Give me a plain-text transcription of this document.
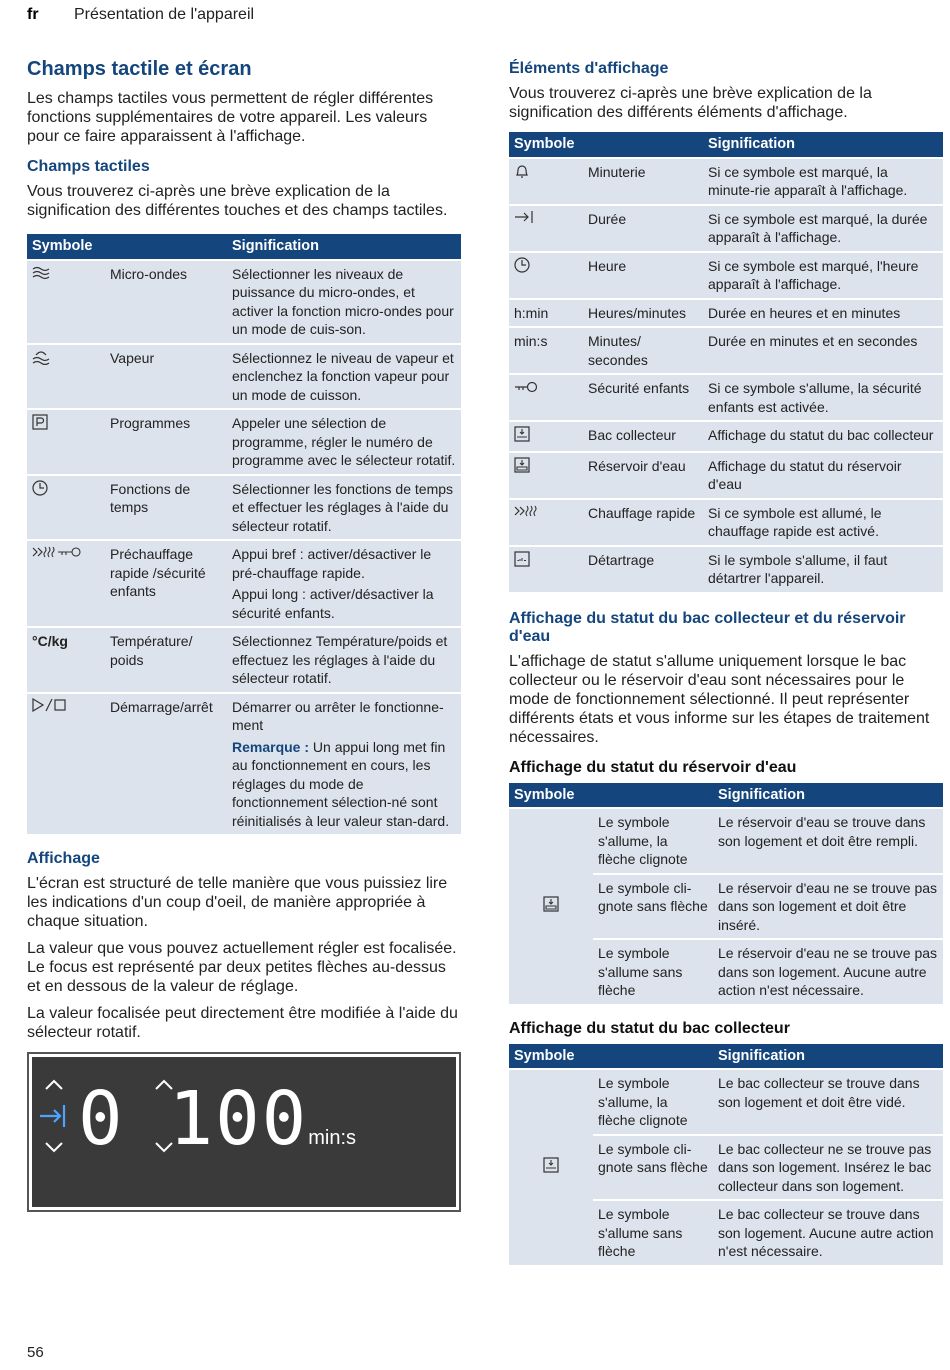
fr Présentation de l'appareil
Champs tactile et écran

Les champs tactiles vous permettent de régler différentes fonctions supplémentaires de votre appareil. Les valeurs pour ce faire apparaissent à l'affichage.

Champs tactiles

Vous trouverez ci-après une brève explication de la signification des différentes touches et des champs tactiles.

Symbole		Signification
	Micro-ondes	Sélectionner les niveaux de puissance du micro-ondes, et activer la fonction micro-ondes pour un mode de cuis-son.
	Vapeur	Sélectionnez le niveau de vapeur et enclenchez la fonction vapeur pour un mode de cuisson.
	Programmes	Appeler une sélection de programme, régler le numéro de programme avec le sélecteur rotatif.
	Fonctions de temps	Sélectionner les fonctions de temps et effectuer les réglages à l'aide du sélecteur rotatif.
	Préchauffage rapide /sécurité enfants	Appui bref : activer/désactiver le pré-chauffage rapide.
Appui long : activer/désactiver la sécurité enfants.

°C/kg	Température/ poids	Sélectionnez Température/poids et effectuez les réglages à l'aide du sélecteur rotatif.
	Démarrage/arrêt	Démarrer ou arrêter le fonctionne-ment
Remarque : Un appui long met fin au fonctionnement en cours, les réglages du mode de fonctionnement sélection-né sont réinitialisés à leur valeur stan-dard.
Affichage

L'écran est structuré de telle manière que vous puissiez lire les indications d'un coup d'oeil, de manière appropriée à chaque situation.

La valeur que vous pouvez actuellement régler est focalisée. Le focus est représenté par deux petites flèches au-dessus et en dessous de la valeur de réglage.

La valeur focalisée peut directement être modifiée à l'aide du sélecteur rotatif.

0 100min:s
Éléments d'affichage

Vous trouverez ci-après une brève explication de la signification des différents éléments d'affichage.

Symbole		Signification
	Minuterie	Si ce symbole est marqué, la minute-rie apparaît à l'affichage.
	Durée	Si ce symbole est marqué, la durée apparaît à l'affichage.
	Heure	Si ce symbole est marqué, l'heure apparaît à l'affichage.
h:min	Heures/minutes	Durée en heures et en minutes
min:s	Minutes/ secondes	Durée en minutes et en secondes
	Sécurité enfants	Si ce symbole s'allume, la sécurité enfants est activée.
	Bac collecteur	Affichage du statut du bac collecteur
	Réservoir d'eau	Affichage du statut du réservoir d'eau
	Chauffage rapide	Si ce symbole est allumé, le chauffage rapide est activé.
	Détartrage	Si le symbole s'allume, il faut détartrer l'appareil.
Affichage du statut du bac collecteur et du réservoir d'eau

L'affichage de statut s'allume uniquement lorsque le bac collecteur ou le réservoir d'eau sont nécessaires pour le mode de fonctionnement sélectionné. Il peut représenter différents états et vous informe sur les étapes de traitement nécessaires.

Affichage du statut du réservoir d'eau
Symbole		Signification
	Le symbole s'allume, la flèche clignote	Le réservoir d'eau se trouve dans son logement et doit être rempli.
	Le symbole cli-gnote sans flèche	Le réservoir d'eau ne se trouve pas dans son logement et doit être inséré.
	Le symbole s'allume sans flèche	Le réservoir d'eau ne se trouve pas dans son logement. Aucune autre action n'est nécessaire.
Affichage du statut du bac collecteur
Symbole		Signification
	Le symbole s'allume, la flèche clignote	Le bac collecteur se trouve dans son logement et doit être vidé.
	Le symbole cli-gnote sans flèche	Le bac collecteur ne se trouve pas dans son logement. Insérez le bac collecteur dans son logement.
	Le symbole s'allume sans flèche	Le bac collecteur se trouve dans son logement. Aucune autre action n'est nécessaire.
56
